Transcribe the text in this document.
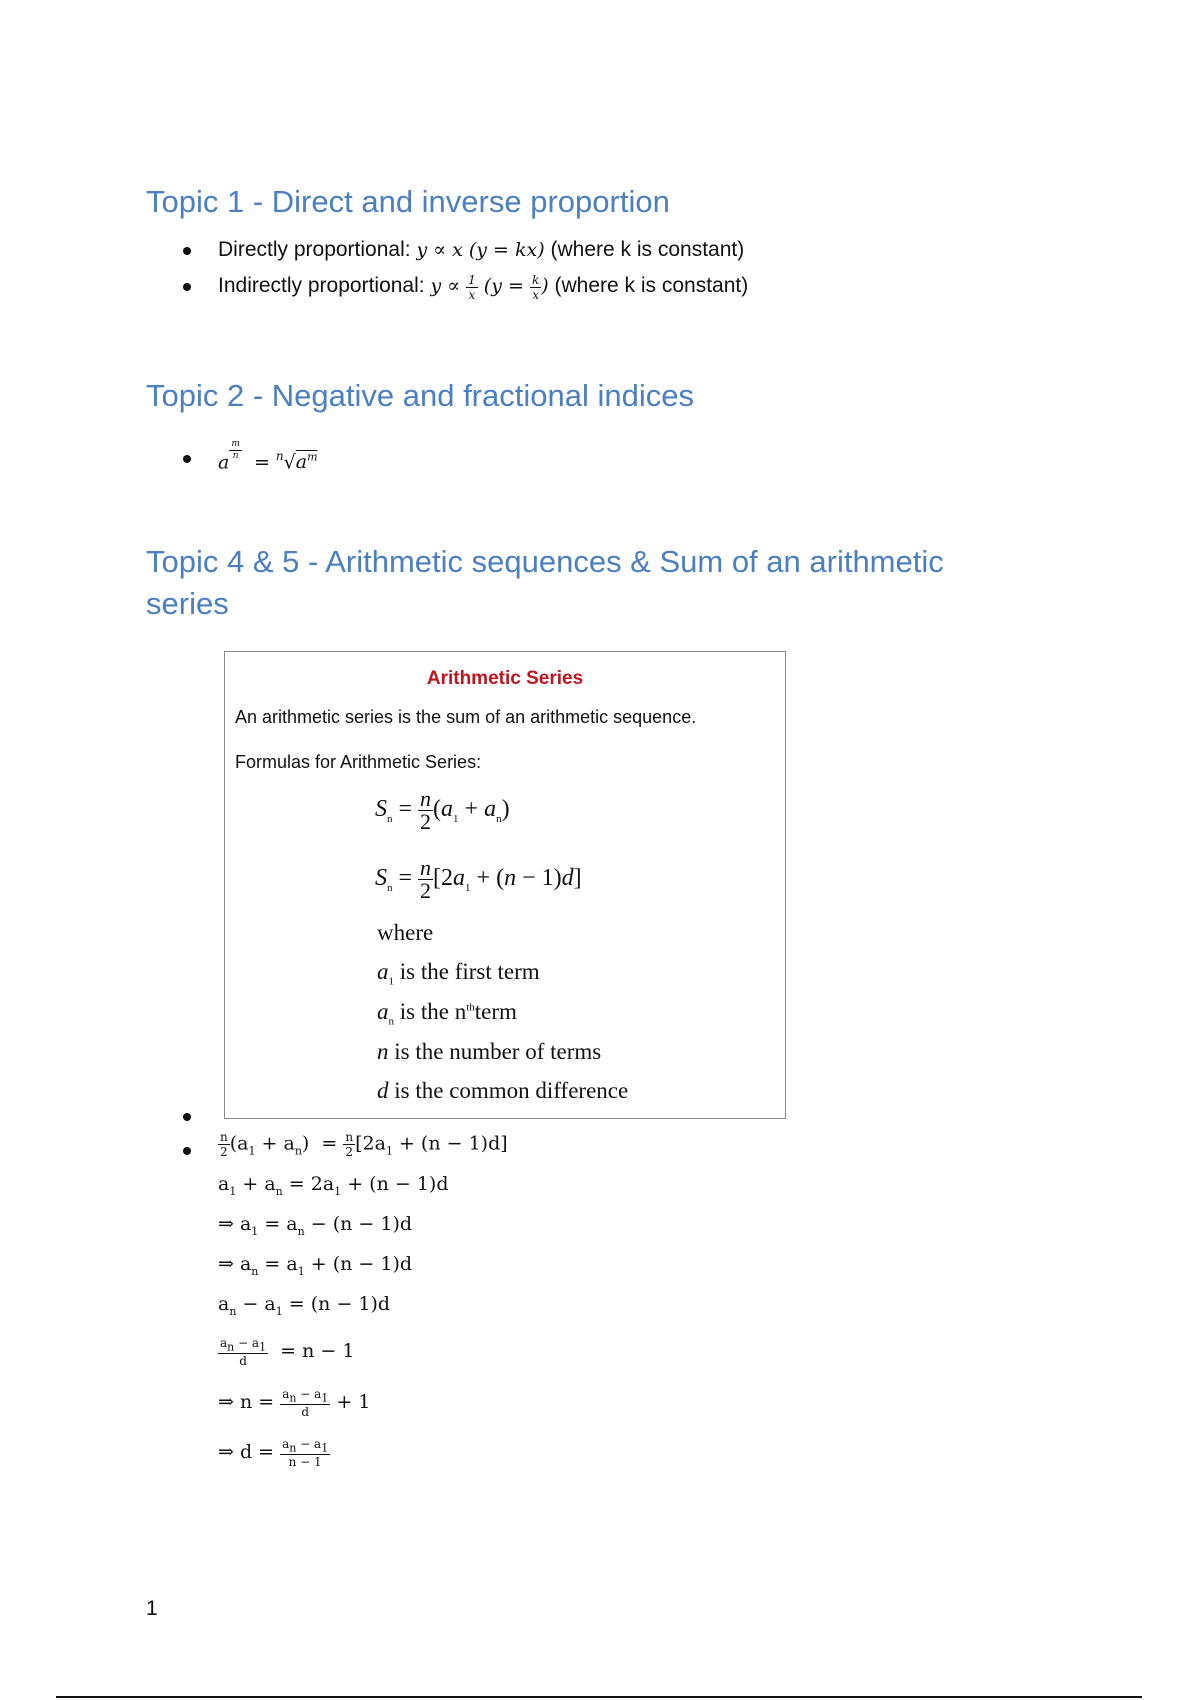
Topic 1 - Direct and inverse proportion
Directly proportional: y ∝ x (y = kx) (where k is constant)
Indirectly proportional: $y \propto \frac{1}{x} (y = \frac{k}{x}$ ) (where k is constant)
Topic 2 - Negative and fractional indices
a
$^{\frac{m}{n}}$
= $^n√a^m$
Topic 4 & 5 - Arithmetic sequences & Sum of an arithmetic
series
Arithmetic Series
An arithmetic series is the sum of an arithmetic sequence.
Formulas for Arithmetic Series:
$S_n = \frac{n}{2} (a_1 + a_n)$
$S_n = \frac{n}{2} [2a_1 + (n - 1)d]$
where
$a_1$ is the first term
$a_n$ is the $n^{th}term$
n is the number of terms
d is the common difference
$\frac{n}{2} (a_1 + a_n) = \frac{n}{2} [2a_1 + (n - 1)d]$
$a_1 + a_n = 2a_1 + (n - 1)d$
⇒ $a_1 = a_n - (n - 1)d$
⇒ $a_n = a_1 + (n - 1)d$
$a_n - a_1 = (n - 1)d$
$\frac{a_n - a_1}{d} = n - 1$
⇒ $n = \frac{a_n - a_1}{d} + 1$
⇒ $d = \frac{a_n - a_1}{n - 1}$
1
